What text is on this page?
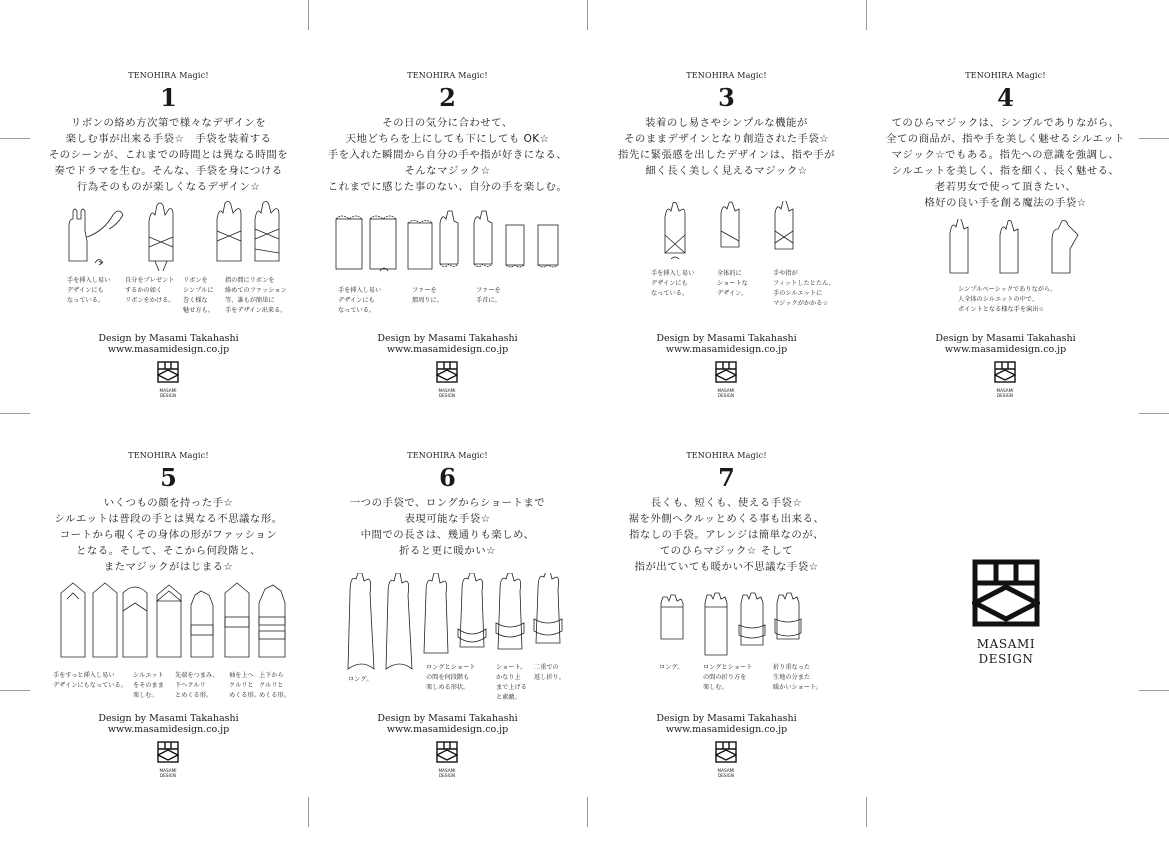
TENOHIRA Magic!
1
リボンの絡め方次第で様々なデザインを
楽しむ事が出来る手袋☆　手袋を装着する
そのシーンが、これまでの時間とは異なる時間を
奏でドラマを生む。そんな、手袋を身につける
行為そのものが楽しくなるデザイン☆
手を挿入し易い
デザインにも
なっている。
自分をプレゼント
するかの如く
リボンをかける。
リボンを
シンプルに
巻く様な
魅せ方も。
指の間にリボンを
絡めてのファッション
等、誰もが簡単に
手をデザイン出来る。
Design by Masami Takahashi
www.masamidesign.co.jp
MASAMI
DESIGN
TENOHIRA Magic!
2
その日の気分に合わせて、
天地どちらを上にしても下にしても OK☆
手を入れた瞬間から自分の手や指が好きになる、
そんなマジック☆
これまでに感じた事のない、自分の手を楽しむ。
手を挿入し易い
デザインにも
なっている。
ファーを
那周りに。
ファーを
手首に。
Design by Masami Takahashi
www.masamidesign.co.jp
MASAMI
DESIGN
TENOHIRA Magic!
3
装着のし易さやシンプルな機能が
そのままデザインとなり創造された手袋☆
指先に緊張感を出したデザインは、指や手が
細く長く美しく見えるマジック☆
手を挿入し易い
デザインにも
なっている。
全体的に
ショートな
デザイン。
手や指が
フィットしたとたん、
手のシルエットに
マジックがかかる☆
Design by Masami Takahashi
www.masamidesign.co.jp
MASAMI
DESIGN
TENOHIRA Magic!
4
てのひらマジックは、シンプルでありながら、
全ての商品が、指や手を美しく魅せるシルエット
マジック☆でもある。指先への意識を強調し、
シルエットを美しく、指を細く、長く魅せる、
老若男女で使って頂きたい、
格好の良い手を創る魔法の手袋☆
シンプルベーシックでありながら、
人全体のシルエットの中で、
ポイントとなる様な手を演出☆
Design by Masami Takahashi
www.masamidesign.co.jp
MASAMI
DESIGN
TENOHIRA Magic!
5
いくつもの顔を持った手☆
シルエットは普段の手とは異なる不思議な形。
コートから覗くその身体の形がファッション
となる。そして、そこから何段階と、
またマジックがはじまる☆
手をすっと挿入し易い
デザインにもなっている。
シルエット
をそのまま
楽しむ。
先端をつまみ、
下へクルリ
とめくる形。
袖を上へ
クルリと
めくる形。
上下から
クルリと
めくる形。
Design by Masami Takahashi
www.masamidesign.co.jp
MASAMI
DESIGN
TENOHIRA Magic!
6
一つの手袋で、ロングからショートまで
表現可能な手袋☆
中間での長さは、幾通りも楽しめ、
折ると更に暖かい☆
ロング。
ロングとショート
の間を何段階も
楽しめる形状。
ショート。
かなり上
まで上げる
と素敵。
二重での
返し折り。
Design by Masami Takahashi
www.masamidesign.co.jp
MASAMI
DESIGN
TENOHIRA Magic!
7
長くも、短くも、使える手袋☆
裾を外側へクルッとめくる事も出来る、
指なしの手袋。アレンジは簡単なのが、
てのひらマジック☆ そして
指が出ていても暖かい不思議な手袋☆
ロング。	ロングとショート
の間の折り方を
楽しむ。
折り重なった
生地の分また
暖かいショート。
Design by Masami Takahashi
www.masamidesign.co.jp
MASAMI
DESIGN
MASAMI
DESIGN
